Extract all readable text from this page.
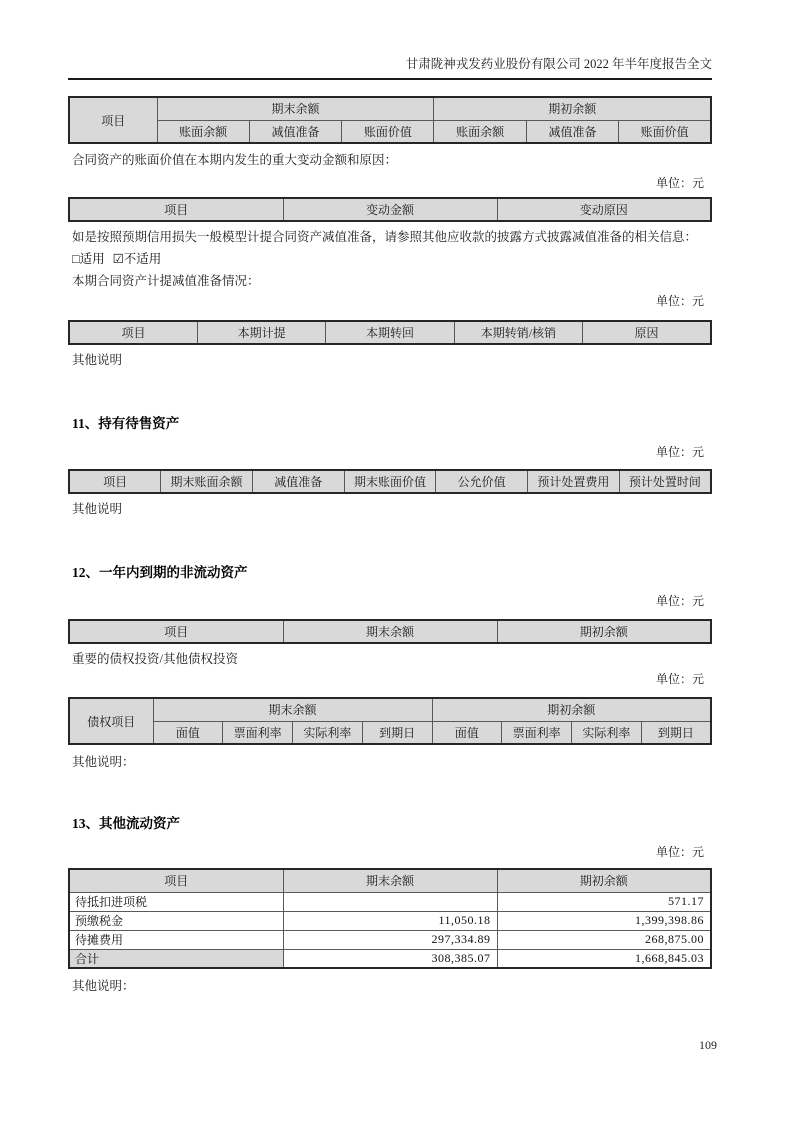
甘肃陇神戎发药业股份有限公司 2022 年半年度报告全文
项目	期末余额			期初余额		
	账面余额	减值准备	账面价值	账面余额	减值准备	账面价值
合同资产的账面价值在本期内发生的重大变动金额和原因：
单位：元
项目	变动金额	变动原因
如是按照预期信用损失一般模型计提合同资产减值准备，请参照其他应收款的披露方式披露减值准备的相关信息：
□适用 ☑不适用
本期合同资产计提减值准备情况：
单位：元
项目	本期计提	本期转回	本期转销/核销	原因
其他说明
11、持有待售资产
单位：元
项目	期末账面余额	减值准备	期末账面价值	公允价值	预计处置费用	预计处置时间
其他说明
12、一年内到期的非流动资产
单位：元
项目	期末余额	期初余额
重要的债权投资/其他债权投资
单位：元
债权项目	期末余额				期初余额			
	面值	票面利率	实际利率	到期日	面值	票面利率	实际利率	到期日
其他说明：
13、其他流动资产
单位：元
项目	期末余额	期初余额
待抵扣进项税		571.17
预缴税金	11,050.18	1,399,398.86
待摊费用	297,334.89	268,875.00
合计	308,385.07	1,668,845.03
其他说明：
109
